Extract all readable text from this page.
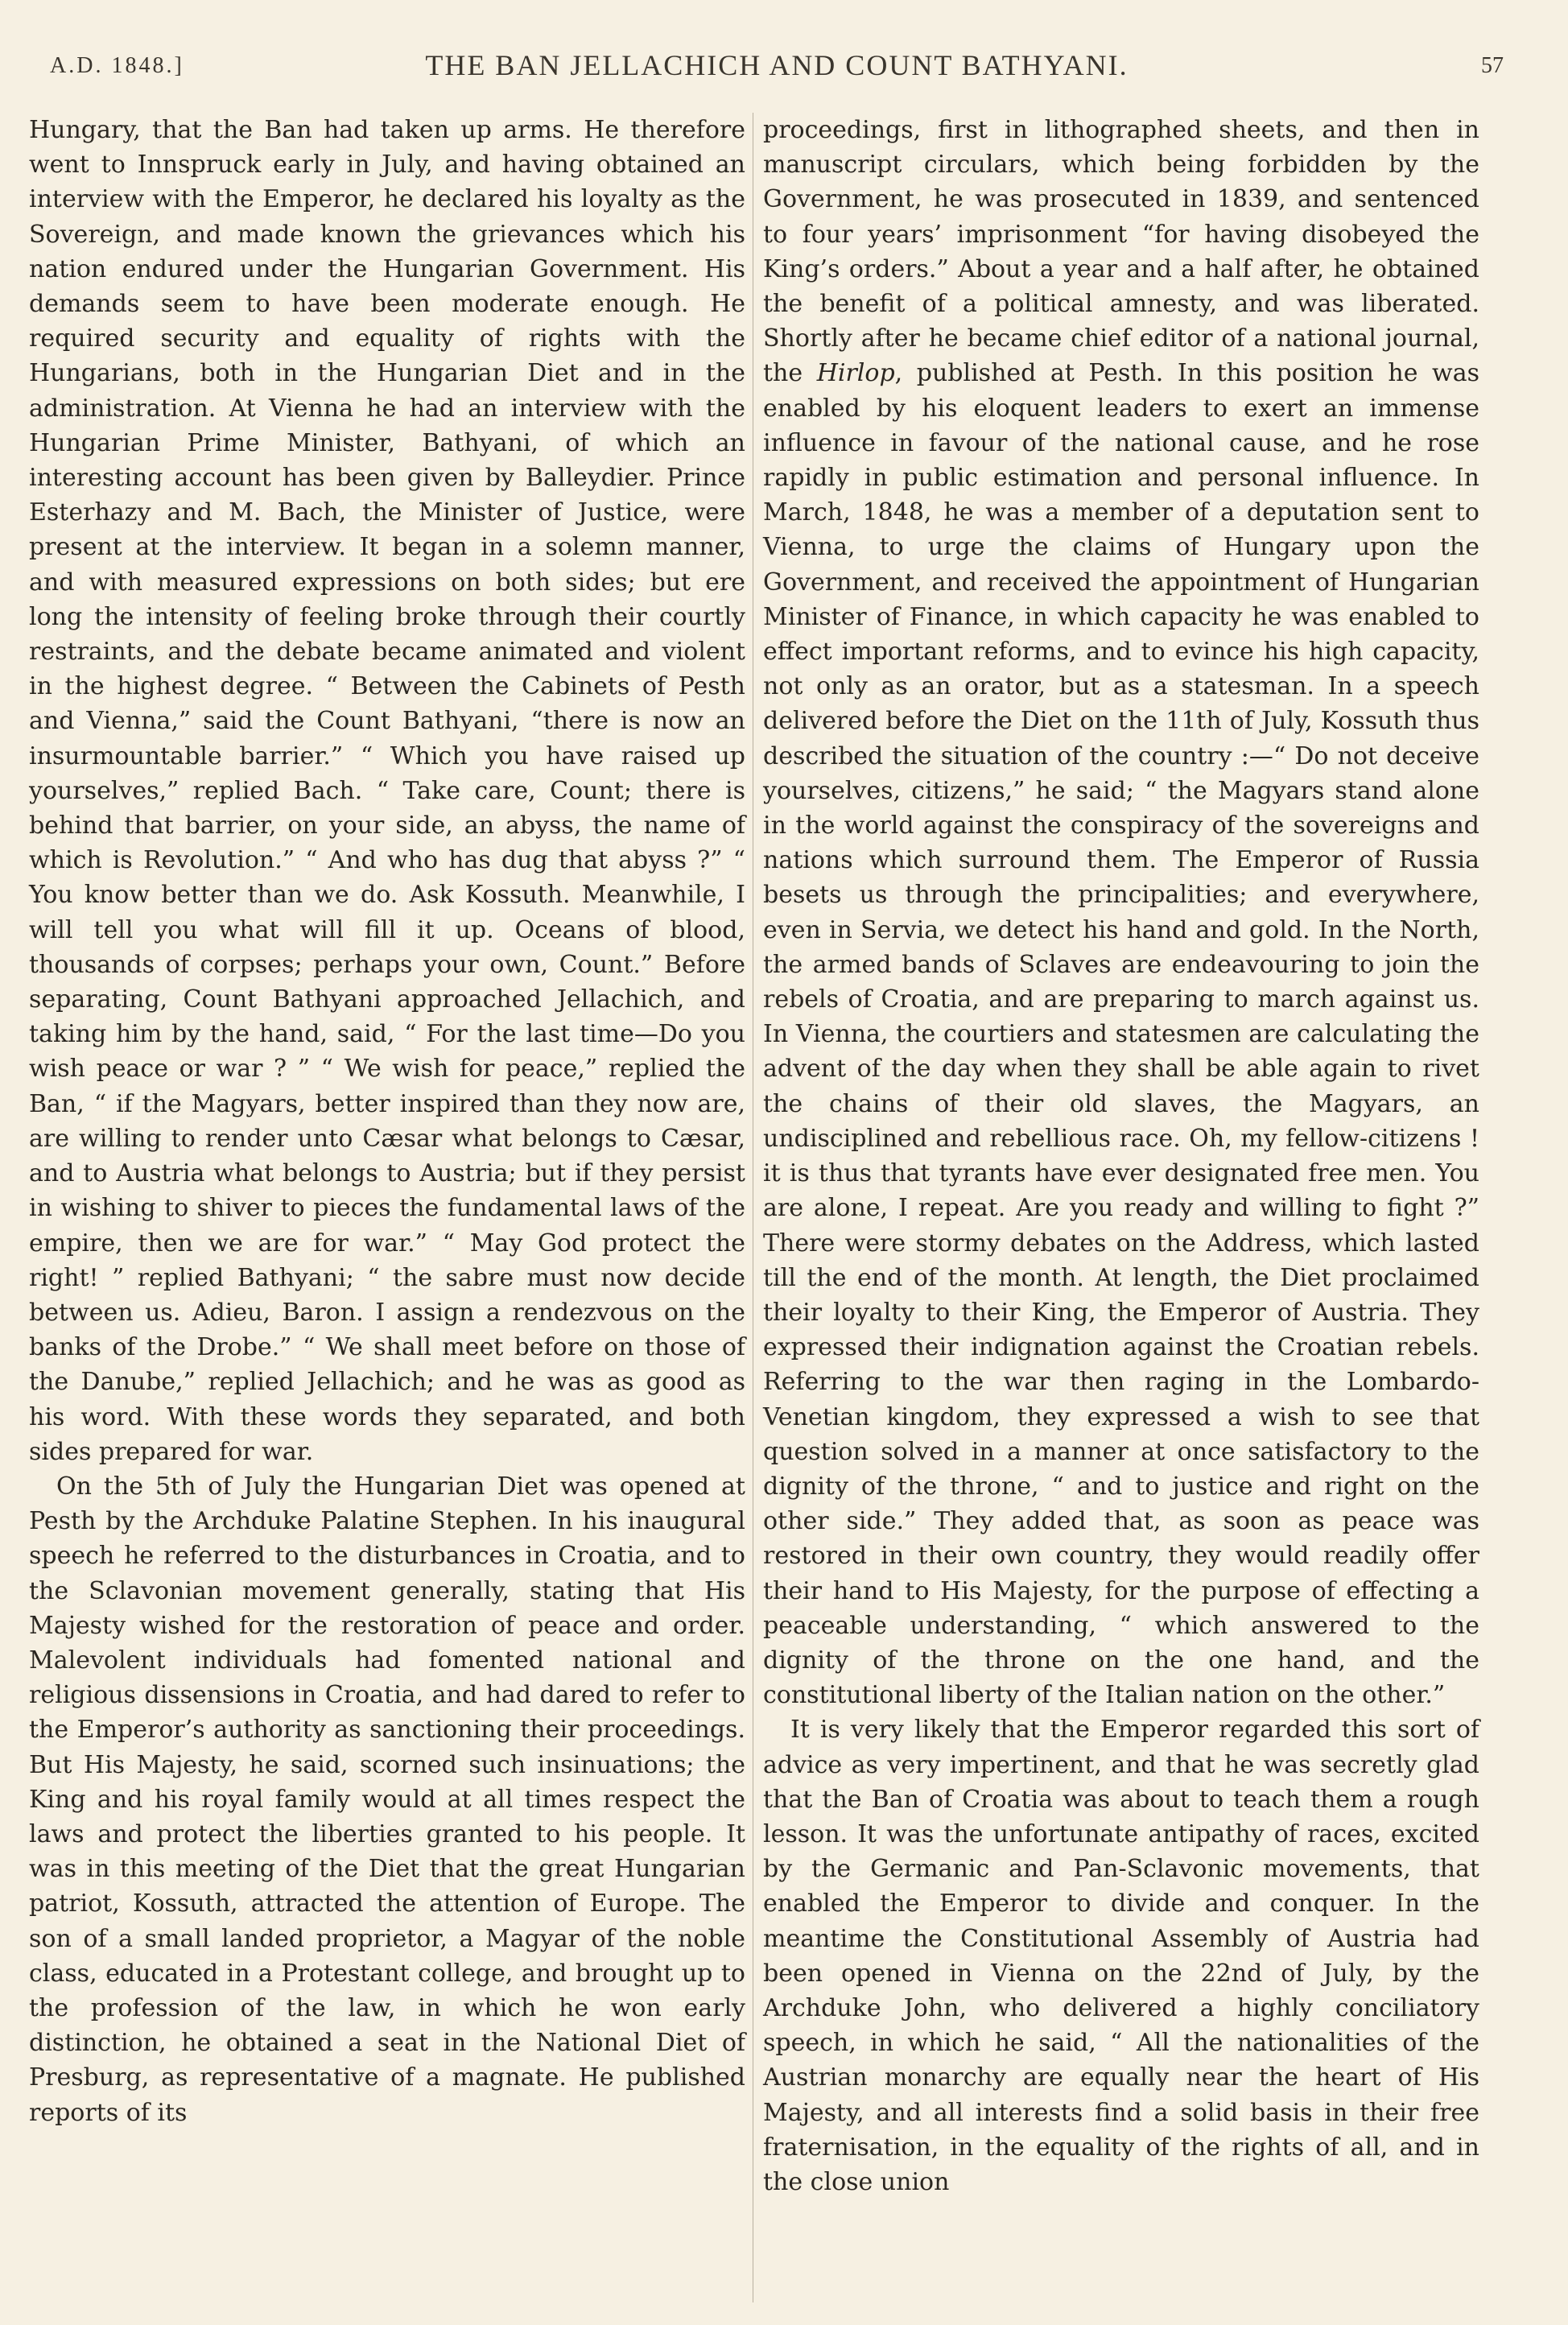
A.D. 1848.]	THE BAN JELLACHICH AND COUNT BATHYANI.	57

Hungary, that the Ban had taken up arms. He therefore went to Innspruck early in July, and having obtained an interview with the Emperor, he declared his loyalty as the Sovereign, and made known the grievances which his nation endured under the Hungarian Government. His demands seem to have been moderate enough. He required security and equality of rights with the Hungarians, both in the Hungarian Diet and in the administration. At Vienna he had an interview with the Hungarian Prime Minister, Bathyani, of which an interesting account has been given by Balleydier. Prince Esterhazy and M. Bach, the Minister of Justice, were present at the interview. It began in a solemn manner, and with measured expressions on both sides; but ere long the intensity of feeling broke through their courtly restraints, and the debate became animated and violent in the highest degree. “ Between the Cabinets of Pesth and Vienna,” said the Count Bathyani, “there is now an insurmountable barrier.” “ Which you have raised up yourselves,” replied Bach. “ Take care, Count; there is behind that barrier, on your side, an abyss, the name of which is Revolution.” “ And who has dug that abyss ?” “ You know better than we do. Ask Kossuth. Meanwhile, I will tell you what will fill it up. Oceans of blood, thousands of corpses; perhaps your own, Count.” Before separating, Count Bathyani approached Jellachich, and taking him by the hand, said, “ For the last time—Do you wish peace or war ? ” “ We wish for peace,” replied the Ban, “ if the Magyars, better inspired than they now are, are willing to render unto Cæsar what belongs to Cæsar, and to Austria what belongs to Austria; but if they persist in wishing to shiver to pieces the fundamental laws of the empire, then we are for war.” “ May God protect the right! ” replied Bathyani; “ the sabre must now decide between us. Adieu, Baron. I assign a rendezvous on the banks of the Drobe.” “ We shall meet before on those of the Danube,” replied Jellachich; and he was as good as his word. With these words they separated, and both sides prepared for war.

On the 5th of July the Hungarian Diet was opened at Pesth by the Archduke Palatine Stephen. In his inaugural speech he referred to the disturbances in Croatia, and to the Sclavonian movement generally, stating that His Majesty wished for the restoration of peace and order. Malevolent individuals had fomented national and religious dissensions in Croatia, and had dared to refer to the Emperor’s authority as sanctioning their proceedings. But His Majesty, he said, scorned such insinuations; the King and his royal family would at all times respect the laws and protect the liberties granted to his people. It was in this meeting of the Diet that the great Hungarian patriot, Kossuth, attracted the attention of Europe. The son of a small landed proprietor, a Magyar of the noble class, educated in a Protestant college, and brought up to the profession of the law, in which he won early distinction, he obtained a seat in the National Diet of Presburg, as representative of a magnate. He published reports of its

proceedings, first in lithographed sheets, and then in manuscript circulars, which being forbidden by the Government, he was prosecuted in 1839, and sentenced to four years’ imprisonment “for having disobeyed the King’s orders.” About a year and a half after, he obtained the benefit of a political amnesty, and was liberated. Shortly after he became chief editor of a national journal, the Hirlop, published at Pesth. In this position he was enabled by his eloquent leaders to exert an immense influence in favour of the national cause, and he rose rapidly in public estimation and personal influence. In March, 1848, he was a member of a deputation sent to Vienna, to urge the claims of Hungary upon the Government, and received the appointment of Hungarian Minister of Finance, in which capacity he was enabled to effect important reforms, and to evince his high capacity, not only as an orator, but as a statesman. In a speech delivered before the Diet on the 11th of July, Kossuth thus described the situation of the country :—“ Do not deceive yourselves, citizens,” he said; “ the Magyars stand alone in the world against the conspiracy of the sovereigns and nations which surround them. The Emperor of Russia besets us through the principalities; and everywhere, even in Servia, we detect his hand and gold. In the North, the armed bands of Sclaves are endeavouring to join the rebels of Croatia, and are preparing to march against us. In Vienna, the courtiers and statesmen are calculating the advent of the day when they shall be able again to rivet the chains of their old slaves, the Magyars, an undisciplined and rebellious race. Oh, my fellow-citizens ! it is thus that tyrants have ever designated free men. You are alone, I repeat. Are you ready and willing to fight ?” There were stormy debates on the Address, which lasted till the end of the month. At length, the Diet proclaimed their loyalty to their King, the Emperor of Austria. They expressed their indignation against the Croatian rebels. Referring to the war then raging in the Lombardo-Venetian kingdom, they expressed a wish to see that question solved in a manner at once satisfactory to the dignity of the throne, “ and to justice and right on the other side.” They added that, as soon as peace was restored in their own country, they would readily offer their hand to His Majesty, for the purpose of effecting a peaceable understanding, “ which answered to the dignity of the throne on the one hand, and the constitutional liberty of the Italian nation on the other.”

It is very likely that the Emperor regarded this sort of advice as very impertinent, and that he was secretly glad that the Ban of Croatia was about to teach them a rough lesson. It was the unfortunate antipathy of races, excited by the Germanic and Pan-Sclavonic movements, that enabled the Emperor to divide and conquer. In the meantime the Constitutional Assembly of Austria had been opened in Vienna on the 22nd of July, by the Archduke John, who delivered a highly conciliatory speech, in which he said, “ All the nationalities of the Austrian monarchy are equally near the heart of His Majesty, and all interests find a solid basis in their free fraternisation, in the equality of the rights of all, and in the close union
